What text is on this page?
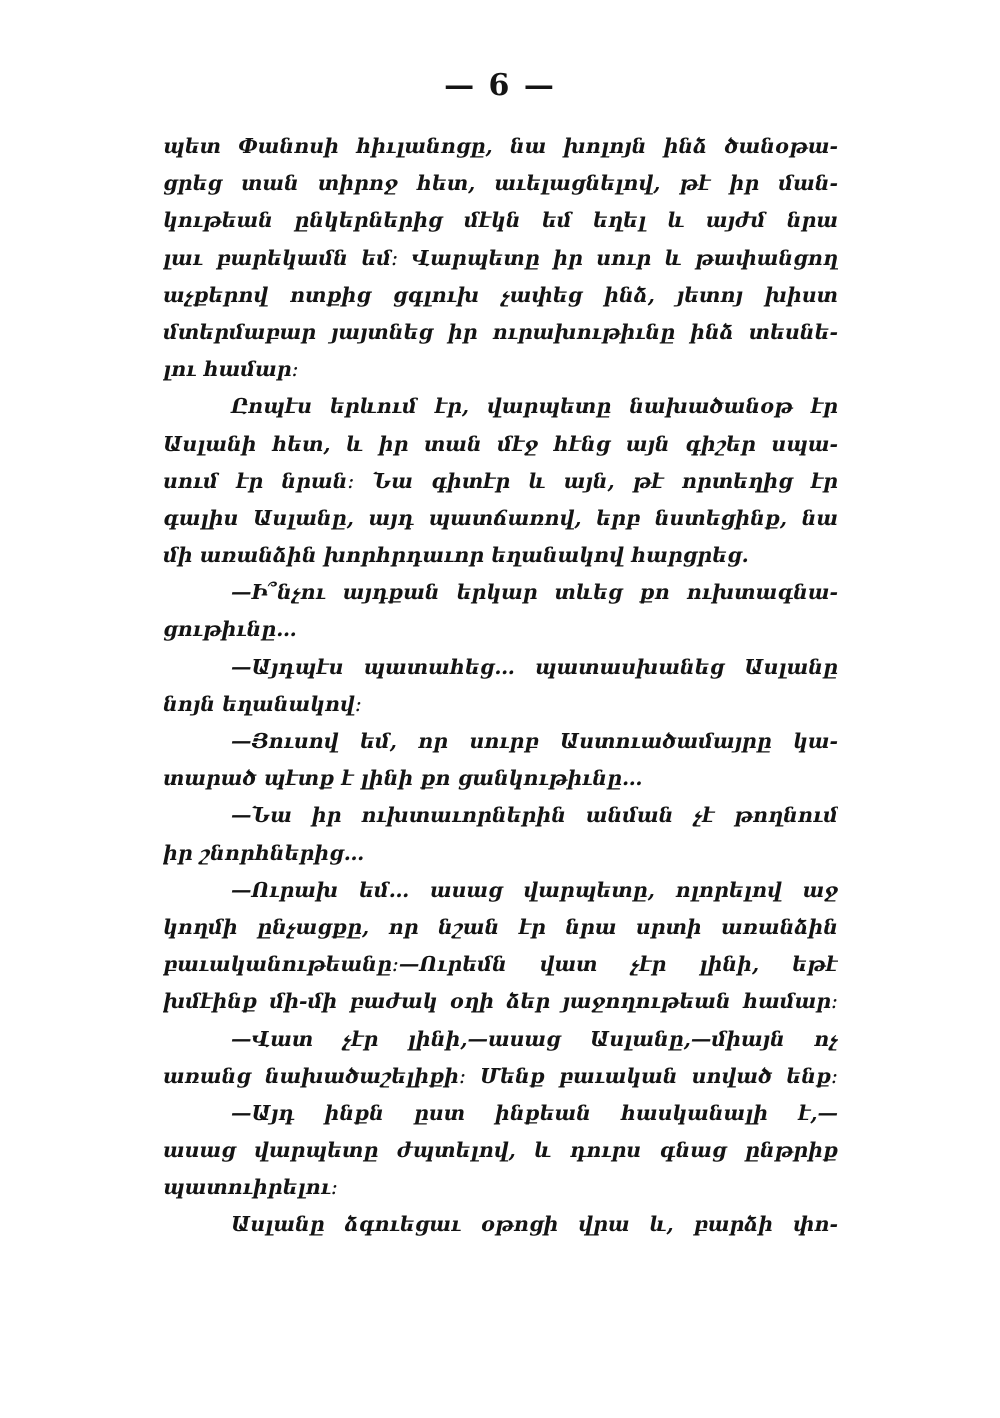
— 6 —
պետ Փանոսի հիւլանոցը, նա խոլոյն ինձ ծանօթա-
ցրեց տան տիրոջ հետ, աւելացնելով, թէ իր ման-
կութեան ընկերներից մէկն եմ եղել և այժմ նրա
լաւ բարեկամն եմ։ Վարպետը իր սուր և թափանցող
աչքերով ոտքից ցգլուխ չափեց ինձ, յետոյ խիստ
մտերմաբար յայտնեց իր ուրախութիւնը ինձ տեսնե-
լու համար։
Ըոպէս երևում էր, վարպետը նախածանօթ էր
Ասլանի հետ, և իր տան մէջ հէնց այն գիշեր սպա-
սում էր նրան։ Նա գիտէր և այն, թէ որտեղից էր
գալիս Ասլանը, այդ պատճառով, երբ նստեցինք, նա
մի առանձին խորհրդաւոր եղանակով հարցրեց.
—Ի՞նչու այդքան երկար տևեց քո ուխտագնա-
ցութիւնը…
—Այդպէս պատահեց… պատասխանեց Ասլանը
նոյն եղանակով։
—Յուսով եմ, որ սուրբ Աստուածամայրը կա-
տարած պէտք է լինի քո ցանկութիւնը…
—Նա իր ուխտաւորներին անման չէ թողնում
իր շնորհներից…
—Ուրախ եմ… ասաց վարպետը, ոլորելով աջ
կողմի ընչացքը, որ նշան էր նրա սրտի առանձին
բաւականութեանը։—Ուրեմն վատ չէր լինի, եթէ
խմէինք մի-մի բաժակ օղի ձեր յաջողութեան համար։
—Վատ չէր լինի,—ասաց Ասլանը,—միայն ոչ
առանց նախածաշելիքի։ Մենք բաւական սոված ենք։
—Այդ ինքն ըստ ինքեան հասկանալի է,—
ասաց վարպետը ժպտելով, և դուրս գնաց ընթրիք
պատուիրելու։
Ասլանը ձգուեցաւ օթոցի վրա և, բարձի փո-
